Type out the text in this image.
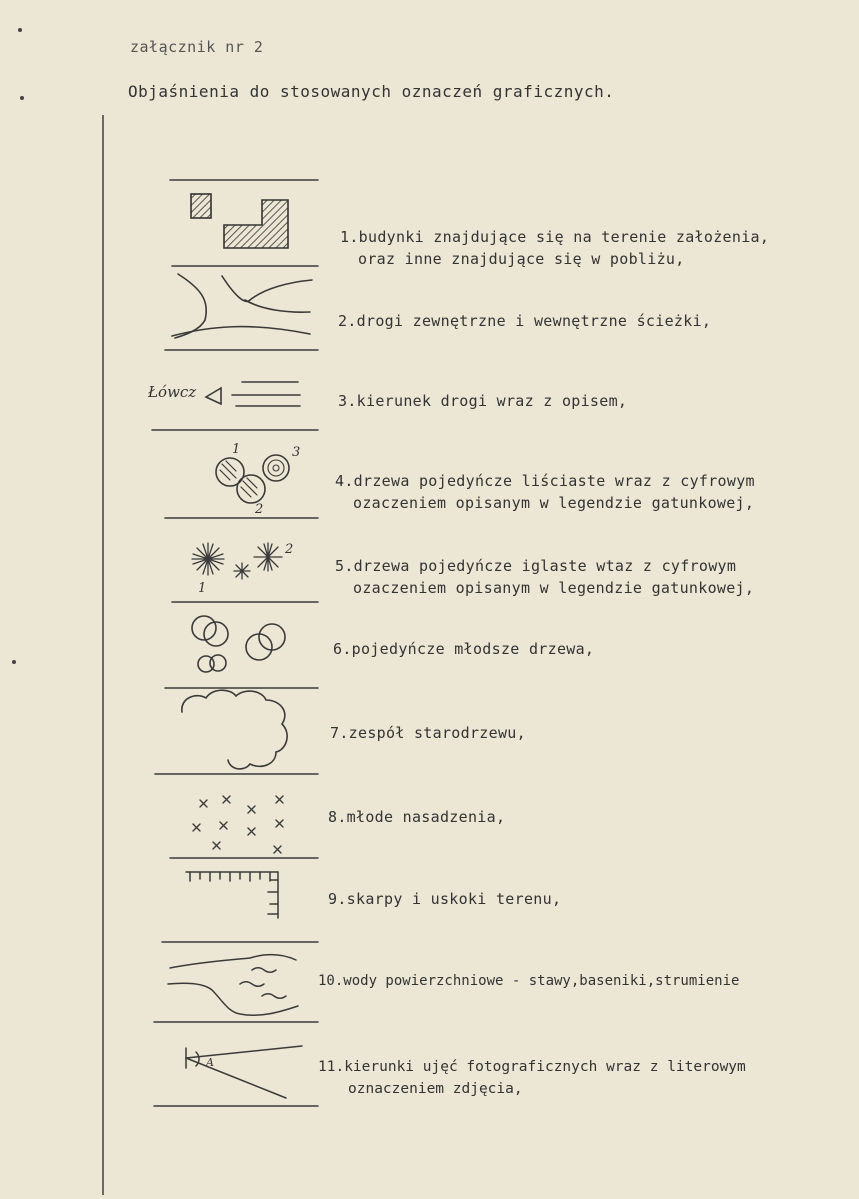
załącznik nr 2
Objaśnienia do stosowanych oznaczeń graficznych.
1	3
2
1
2
A
Łówcz
1.budynki znajdujące się na terenie założenia,
oraz inne znajdujące się w pobliżu,
2.drogi zewnętrzne i wewnętrzne ścieżki,
3.kierunek drogi wraz z opisem,
4.drzewa pojedyńcze liściaste wraz z cyfrowym
ozaczeniem opisanym w legendzie gatunkowej,
5.drzewa pojedyńcze iglaste wtaz z cyfrowym
ozaczeniem opisanym w legendzie gatunkowej,
6.pojedyńcze młodsze drzewa,
7.zespół starodrzewu,
8.młode nasadzenia,
9.skarpy i uskoki terenu,
10.wody powierzchniowe - stawy,baseniki,strumienie
11.kierunki ujęć fotograficznych wraz z literowym
oznaczeniem zdjęcia,
